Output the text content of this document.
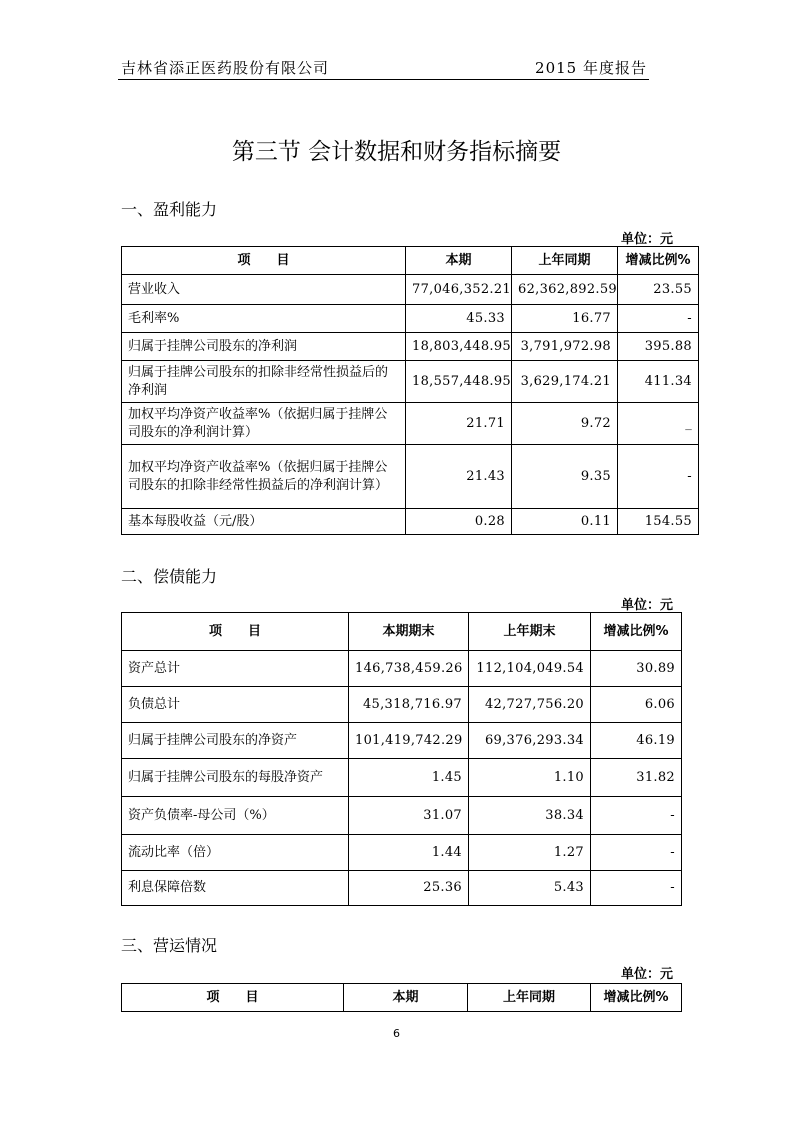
吉林省添正医药股份有限公司	2015 年度报告
第三节 会计数据和财务指标摘要
一、盈利能力
单位：元
项　　目	本期	上年同期	增减比例%
营业收入	77,046,352.21	62,362,892.59	23.55
毛利率%	45.33	16.77	-
归属于挂牌公司股东的净利润	18,803,448.95	3,791,972.98	395.88
归属于挂牌公司股东的扣除非经常性损益后的净利润	18,557,448.95	3,629,174.21	411.34
加权平均净资产收益率%（依据归属于挂牌公司股东的净利润计算）	21.71	9.72	_
加权平均净资产收益率%（依据归属于挂牌公司股东的扣除非经常性损益后的净利润计算）	21.43	9.35	-
基本每股收益（元/股）	0.28	0.11	154.55
二、偿债能力
单位：元
项　　目	本期期末	上年期末	增减比例%
资产总计	146,738,459.26	112,104,049.54	30.89
负债总计	45,318,716.97	42,727,756.20	6.06
归属于挂牌公司股东的净资产	101,419,742.29	69,376,293.34	46.19
归属于挂牌公司股东的每股净资产	1.45	1.10	31.82
资产负债率-母公司（%）	31.07	38.34	-
流动比率（倍）	1.44	1.27	-
利息保障倍数	25.36	5.43	-
三、营运情况
单位：元
项　　目	本期	上年同期	增减比例%
6
